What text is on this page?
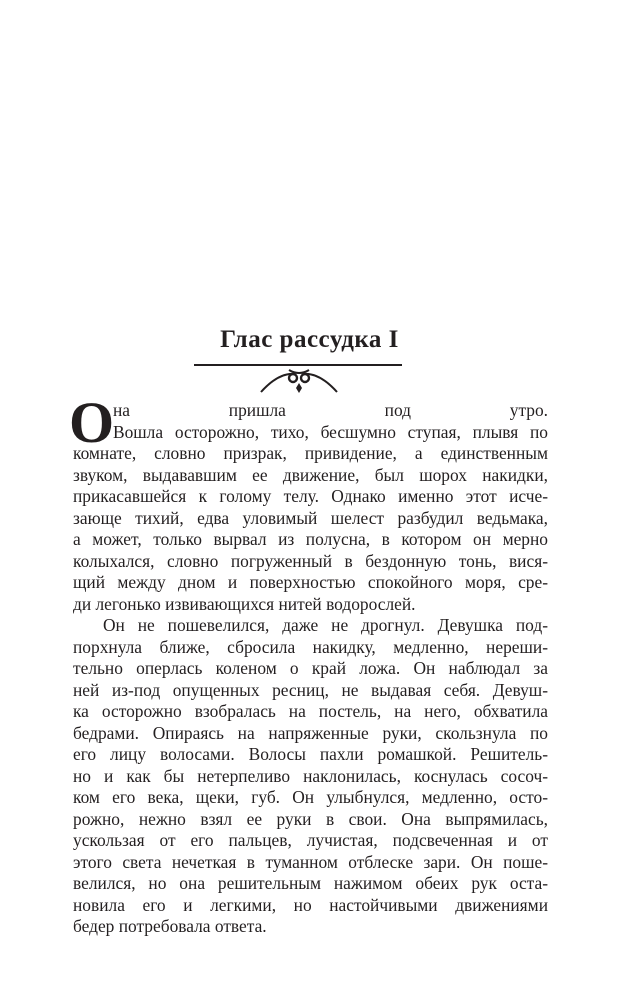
Глас рассудка I
на пришла под утро.
Вошла осторожно, тихо, бесшумно ступая, плывя по
комнате, словно призрак, привидение, а единственным
звуком, выдававшим ее движение, был шорох накидки,
прикасавшейся к голому телу. Однако именно этот исче-
зающе тихий, едва уловимый шелест разбудил ведьмака,
а может, только вырвал из полусна, в котором он мерно
колыхался, словно погруженный в бездонную тонь, вися-
щий между дном и поверхностью спокойного моря, сре-
ди легонько извивающихся нитей водорослей.
Он не пошевелился, даже не дрогнул. Девушка под-
порхнула ближе, сбросила накидку, медленно, нереши-
тельно оперлась коленом о край ложа. Он наблюдал за
ней из-под опущенных ресниц, не выдавая себя. Девуш-
ка осторожно взобралась на постель, на него, обхватила
бедрами. Опираясь на напряженные руки, скользнула по
его лицу волосами. Волосы пахли ромашкой. Решитель-
но и как бы нетерпеливо наклонилась, коснулась сосоч-
ком его века, щеки, губ. Он улыбнулся, медленно, осто-
рожно, нежно взял ее руки в свои. Она выпрямилась,
ускользая от его пальцев, лучистая, подсвеченная и от
этого света нечеткая в туманном отблеске зари. Он поше-
велился, но она решительным нажимом обеих рук оста-
новила его и легкими, но настойчивыми движениями
бедер потребовала ответа.
О
